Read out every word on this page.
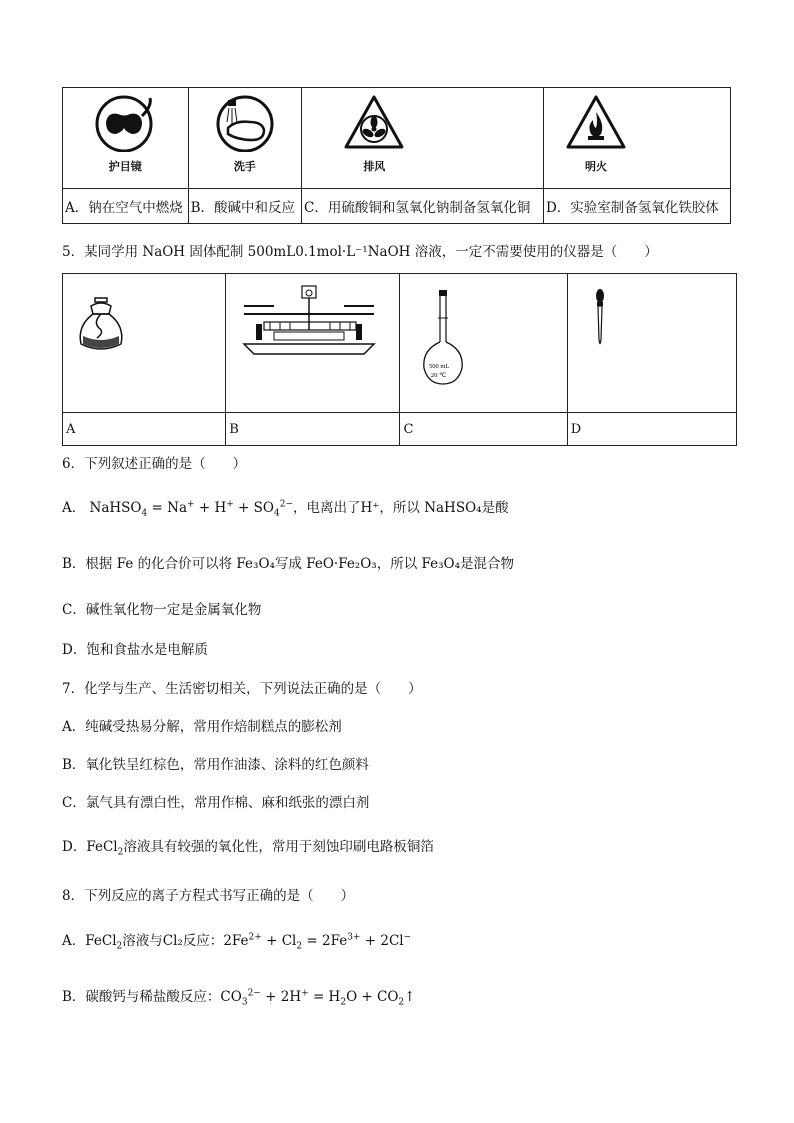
护目镜	洗手	排风	明火

A．钠在空气中燃烧	B．酸碱中和反应	C．用硫酸铜和氢氧化钠制备氢氧化铜	D．实验室制备氢氧化铁胶体
5．某同学用 NaOH 固体配制 500mL0.1mol·L⁻¹NaOH 溶液，一定不需要使用的仪器是（　　）

500 mL
20 ℃

A	B	C	D
6．下列叙述正确的是（　　）
A． NaHSO$_4$ = $Na^+ + H^+ + SO_4^{2-}$，电离出了H⁺，所以 NaHSO₄是酸
B．根据 Fe 的化合价可以将 Fe₃O₄写成 FeO·Fe₂O₃，所以 Fe₃O₄是混合物
C．碱性氧化物一定是金属氧化物
D．饱和食盐水是电解质
7．化学与生产、生活密切相关，下列说法正确的是（　　）
A．纯碱受热易分解，常用作焙制糕点的膨松剂
B．氧化铁呈红棕色，常用作油漆、涂料的红色颜料
C．氯气具有漂白性，常用作棉、麻和纸张的漂白剂
D．FeCl$_2$溶液具有较强的氧化性，常用于刻蚀印刷电路板铜箔
8．下列反应的离子方程式书写正确的是（　　）
A．FeCl$_2$溶液与Cl₂反应：$2Fe^{2+} + Cl_2 = 2Fe^{3+} + 2Cl^-$
B．碳酸钙与稀盐酸反应：$CO_3^{2-} + 2H^+ = H_2O$ + $CO_2↑$
